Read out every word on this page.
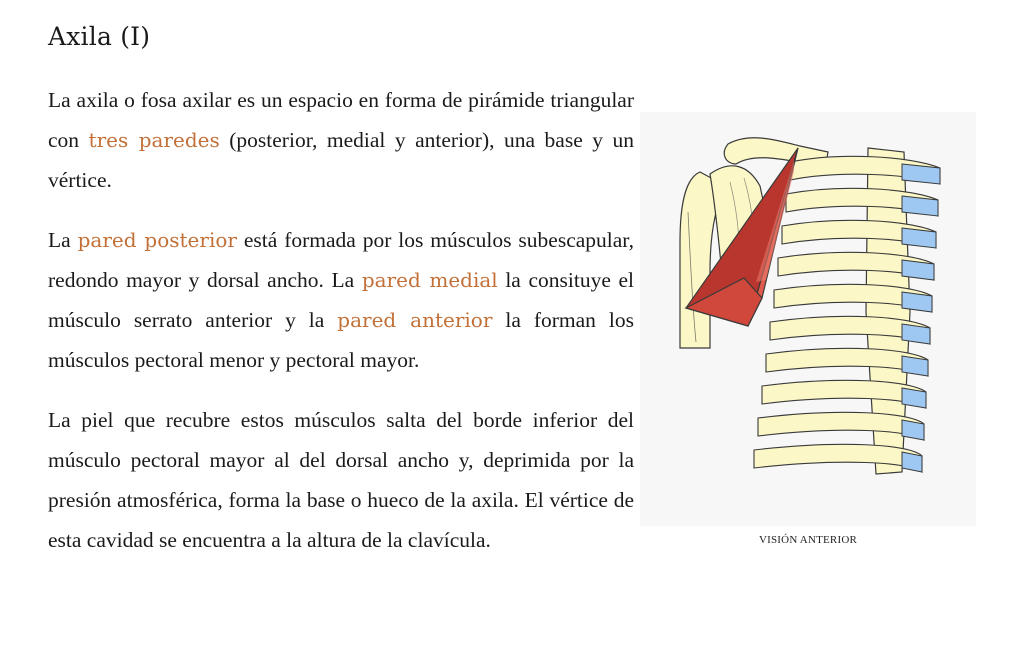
Axila (I)

La axila o fosa axilar es un espacio en forma de pirámide triangular con tres paredes (posterior, medial y anterior), una base y un vértice.

La pared posterior está formada por los músculos subescapular, redondo mayor y dorsal ancho. La pared medial la consituye el músculo serrato anterior y la pared anterior la forman los músculos pectoral menor y pectoral mayor.

La piel que recubre estos músculos salta del borde inferior del músculo pectoral mayor al del dorsal ancho y, deprimida por la presión atmosférica, forma la base o hueco de la axila. El vértice de esta cavidad se encuentra a la altura de la clavícula.	VISIÓN ANTERIOR
